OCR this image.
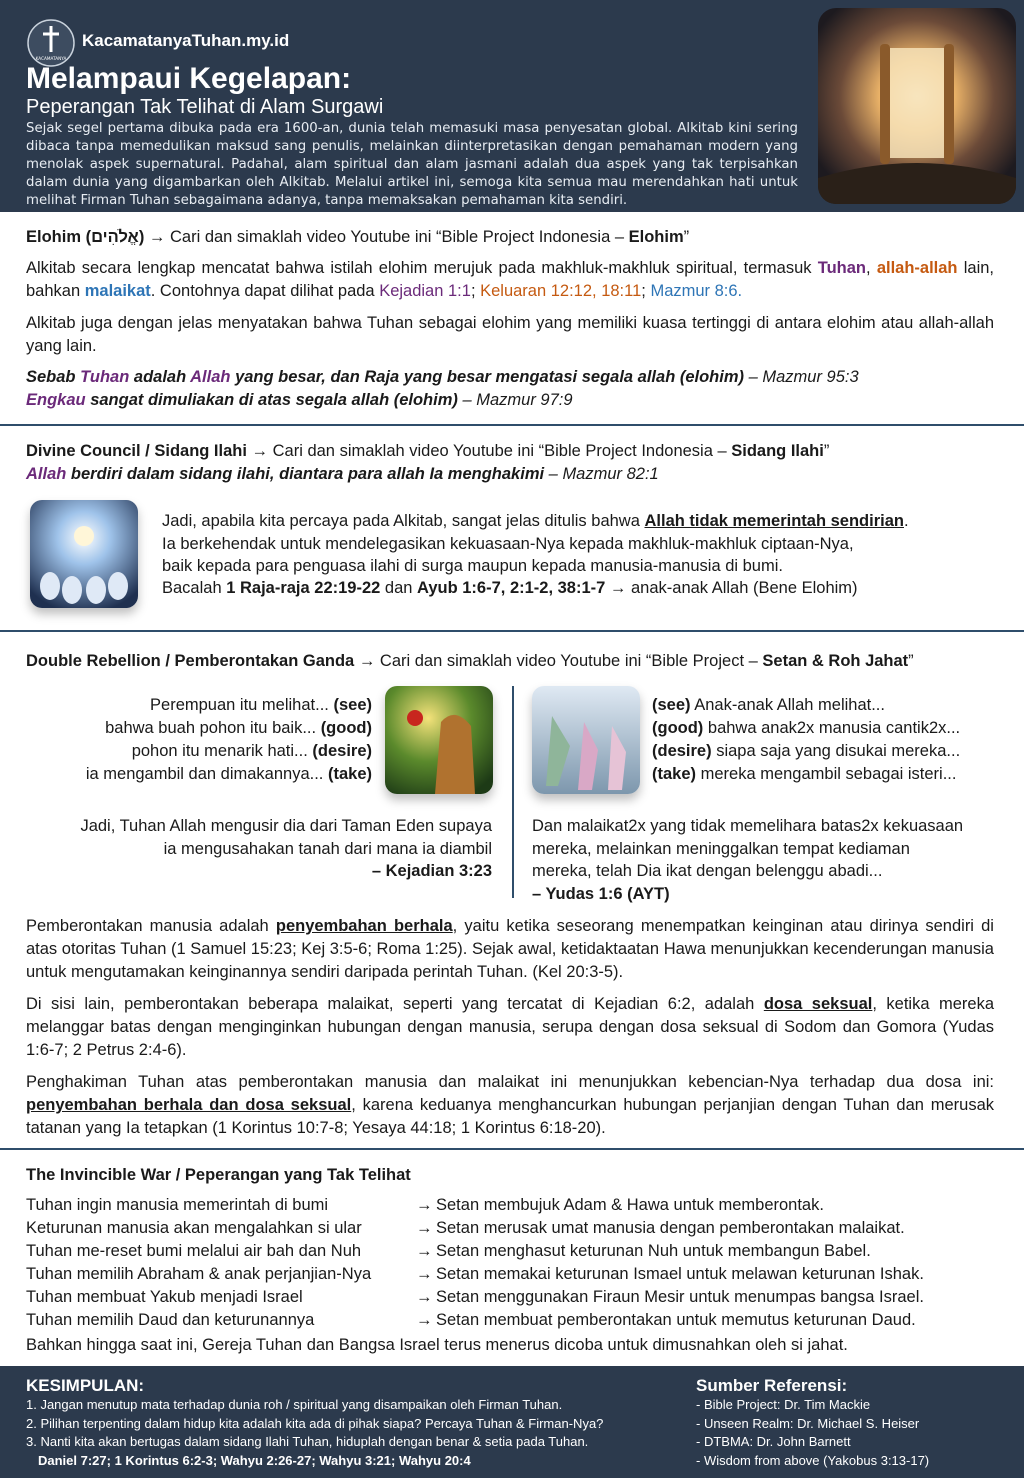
KACAMATANYA
KacamatanyaTuhan.my.id
Melampaui Kegelapan:
Peperangan Tak Telihat di Alam Surgawi
Sejak segel pertama dibuka pada era 1600-an, dunia telah memasuki masa penyesatan global. Alkitab kini sering dibaca tanpa memedulikan maksud sang penulis, melainkan diinterpretasikan dengan pemahaman modern yang menolak aspek supernatural. Padahal, alam spiritual dan alam jasmani adalah dua aspek yang tak terpisahkan dalam dunia yang digambarkan oleh Alkitab. Melalui artikel ini, semoga kita semua mau merendahkan hati untuk melihat Firman Tuhan sebagaimana adanya, tanpa memaksakan pemahaman kita sendiri.
Elohim (אֱלֹהִים) → Cari dan simaklah video Youtube ini “Bible Project Indonesia – Elohim”
Alkitab secara lengkap mencatat bahwa istilah elohim merujuk pada makhluk-makhluk spiritual, termasuk Tuhan, allah-allah lain, bahkan malaikat. Contohnya dapat dilihat pada Kejadian 1:1; Keluaran 12:12, 18:11; Mazmur 8:6.
Alkitab juga dengan jelas menyatakan bahwa Tuhan sebagai elohim yang memiliki kuasa tertinggi di antara elohim atau allah-allah yang lain.
Sebab Tuhan adalah Allah yang besar, dan Raja yang besar mengatasi segala allah (elohim) – Mazmur 95:3
Engkau sangat dimuliakan di atas segala allah (elohim) – Mazmur 97:9
Divine Council / Sidang Ilahi → Cari dan simaklah video Youtube ini “Bible Project Indonesia – Sidang Ilahi”
Allah berdiri dalam sidang ilahi, diantara para allah Ia menghakimi – Mazmur 82:1
Jadi, apabila kita percaya pada Alkitab, sangat jelas ditulis bahwa Allah tidak memerintah sendirian.
Ia berkehendak untuk mendelegasikan kekuasaan-Nya kepada makhluk-makhluk ciptaan-Nya,
baik kepada para penguasa ilahi di surga maupun kepada manusia-manusia di bumi.
Bacalah 1 Raja-raja 22:19-22 dan Ayub 1:6-7, 2:1-2, 38:1-7 → anak-anak Allah (Bene Elohim)
Double Rebellion / Pemberontakan Ganda → Cari dan simaklah video Youtube ini “Bible Project – Setan & Roh Jahat”
Perempuan itu melihat... (see)
bahwa buah pohon itu baik... (good)
pohon itu menarik hati... (desire)
ia mengambil dan dimakannya... (take)
(see) Anak-anak Allah melihat...
(good) bahwa anak2x manusia cantik2x...
(desire) siapa saja yang disukai mereka...
(take) mereka mengambil sebagai isteri...
Jadi, Tuhan Allah mengusir dia dari Taman Eden supaya
ia mengusahakan tanah dari mana ia diambil
– Kejadian 3:23
Dan malaikat2x yang tidak memelihara batas2x kekuasaan
mereka, melainkan meninggalkan tempat kediaman
mereka, telah Dia ikat dengan belenggu abadi...
– Yudas 1:6 (AYT)
Pemberontakan manusia adalah penyembahan berhala, yaitu ketika seseorang menempatkan keinginan atau dirinya sendiri di atas otoritas Tuhan (1 Samuel 15:23; Kej 3:5-6; Roma 1:25). Sejak awal, ketidaktaatan Hawa menunjukkan kecenderungan manusia untuk mengutamakan keinginannya sendiri daripada perintah Tuhan. (Kel 20:3-5).
Di sisi lain, pemberontakan beberapa malaikat, seperti yang tercatat di Kejadian 6:2, adalah dosa seksual, ketika mereka melanggar batas dengan menginginkan hubungan dengan manusia, serupa dengan dosa seksual di Sodom dan Gomora (Yudas 1:6-7; 2 Petrus 2:4-6).
Penghakiman Tuhan atas pemberontakan manusia dan malaikat ini menunjukkan kebencian-Nya terhadap dua dosa ini: penyembahan berhala dan dosa seksual, karena keduanya menghancurkan hubungan perjanjian dengan Tuhan dan merusak tatanan yang Ia tetapkan (1 Korintus 10:7-8; Yesaya 44:18; 1 Korintus 6:18-20).
The Invincible War / Peperangan yang Tak Telihat
Tuhan ingin manusia memerintah di bumi	→ Setan membujuk Adam & Hawa untuk memberontak.
Keturunan manusia akan mengalahkan si ular	→ Setan merusak umat manusia dengan pemberontakan malaikat.
Tuhan me-reset bumi melalui air bah dan Nuh	→ Setan menghasut keturunan Nuh untuk membangun Babel.
Tuhan memilih Abraham & anak perjanjian-Nya	→ Setan memakai keturunan Ismael untuk melawan keturunan Ishak.
Tuhan membuat Yakub menjadi Israel	→ Setan menggunakan Firaun Mesir untuk menumpas bangsa Israel.
Tuhan memilih Daud dan keturunannya	→ Setan membuat pemberontakan untuk memutus keturunan Daud.
Bahkan hingga saat ini, Gereja Tuhan dan Bangsa Israel terus menerus dicoba untuk dimusnahkan oleh si jahat.
KESIMPULAN:
1. Jangan menutup mata terhadap dunia roh / spiritual yang disampaikan oleh Firman Tuhan.
2. Pilihan terpenting dalam hidup kita adalah kita ada di pihak siapa? Percaya Tuhan & Firman-Nya?
3. Nanti kita akan bertugas dalam sidang Ilahi Tuhan, hiduplah dengan benar & setia pada Tuhan.
Daniel 7:27; 1 Korintus 6:2-3; Wahyu 2:26-27; Wahyu 3:21; Wahyu 20:4
Sumber Referensi:
- Bible Project: Dr. Tim Mackie
- Unseen Realm: Dr. Michael S. Heiser
- DTBMA: Dr. John Barnett
- Wisdom from above (Yakobus 3:13-17)
